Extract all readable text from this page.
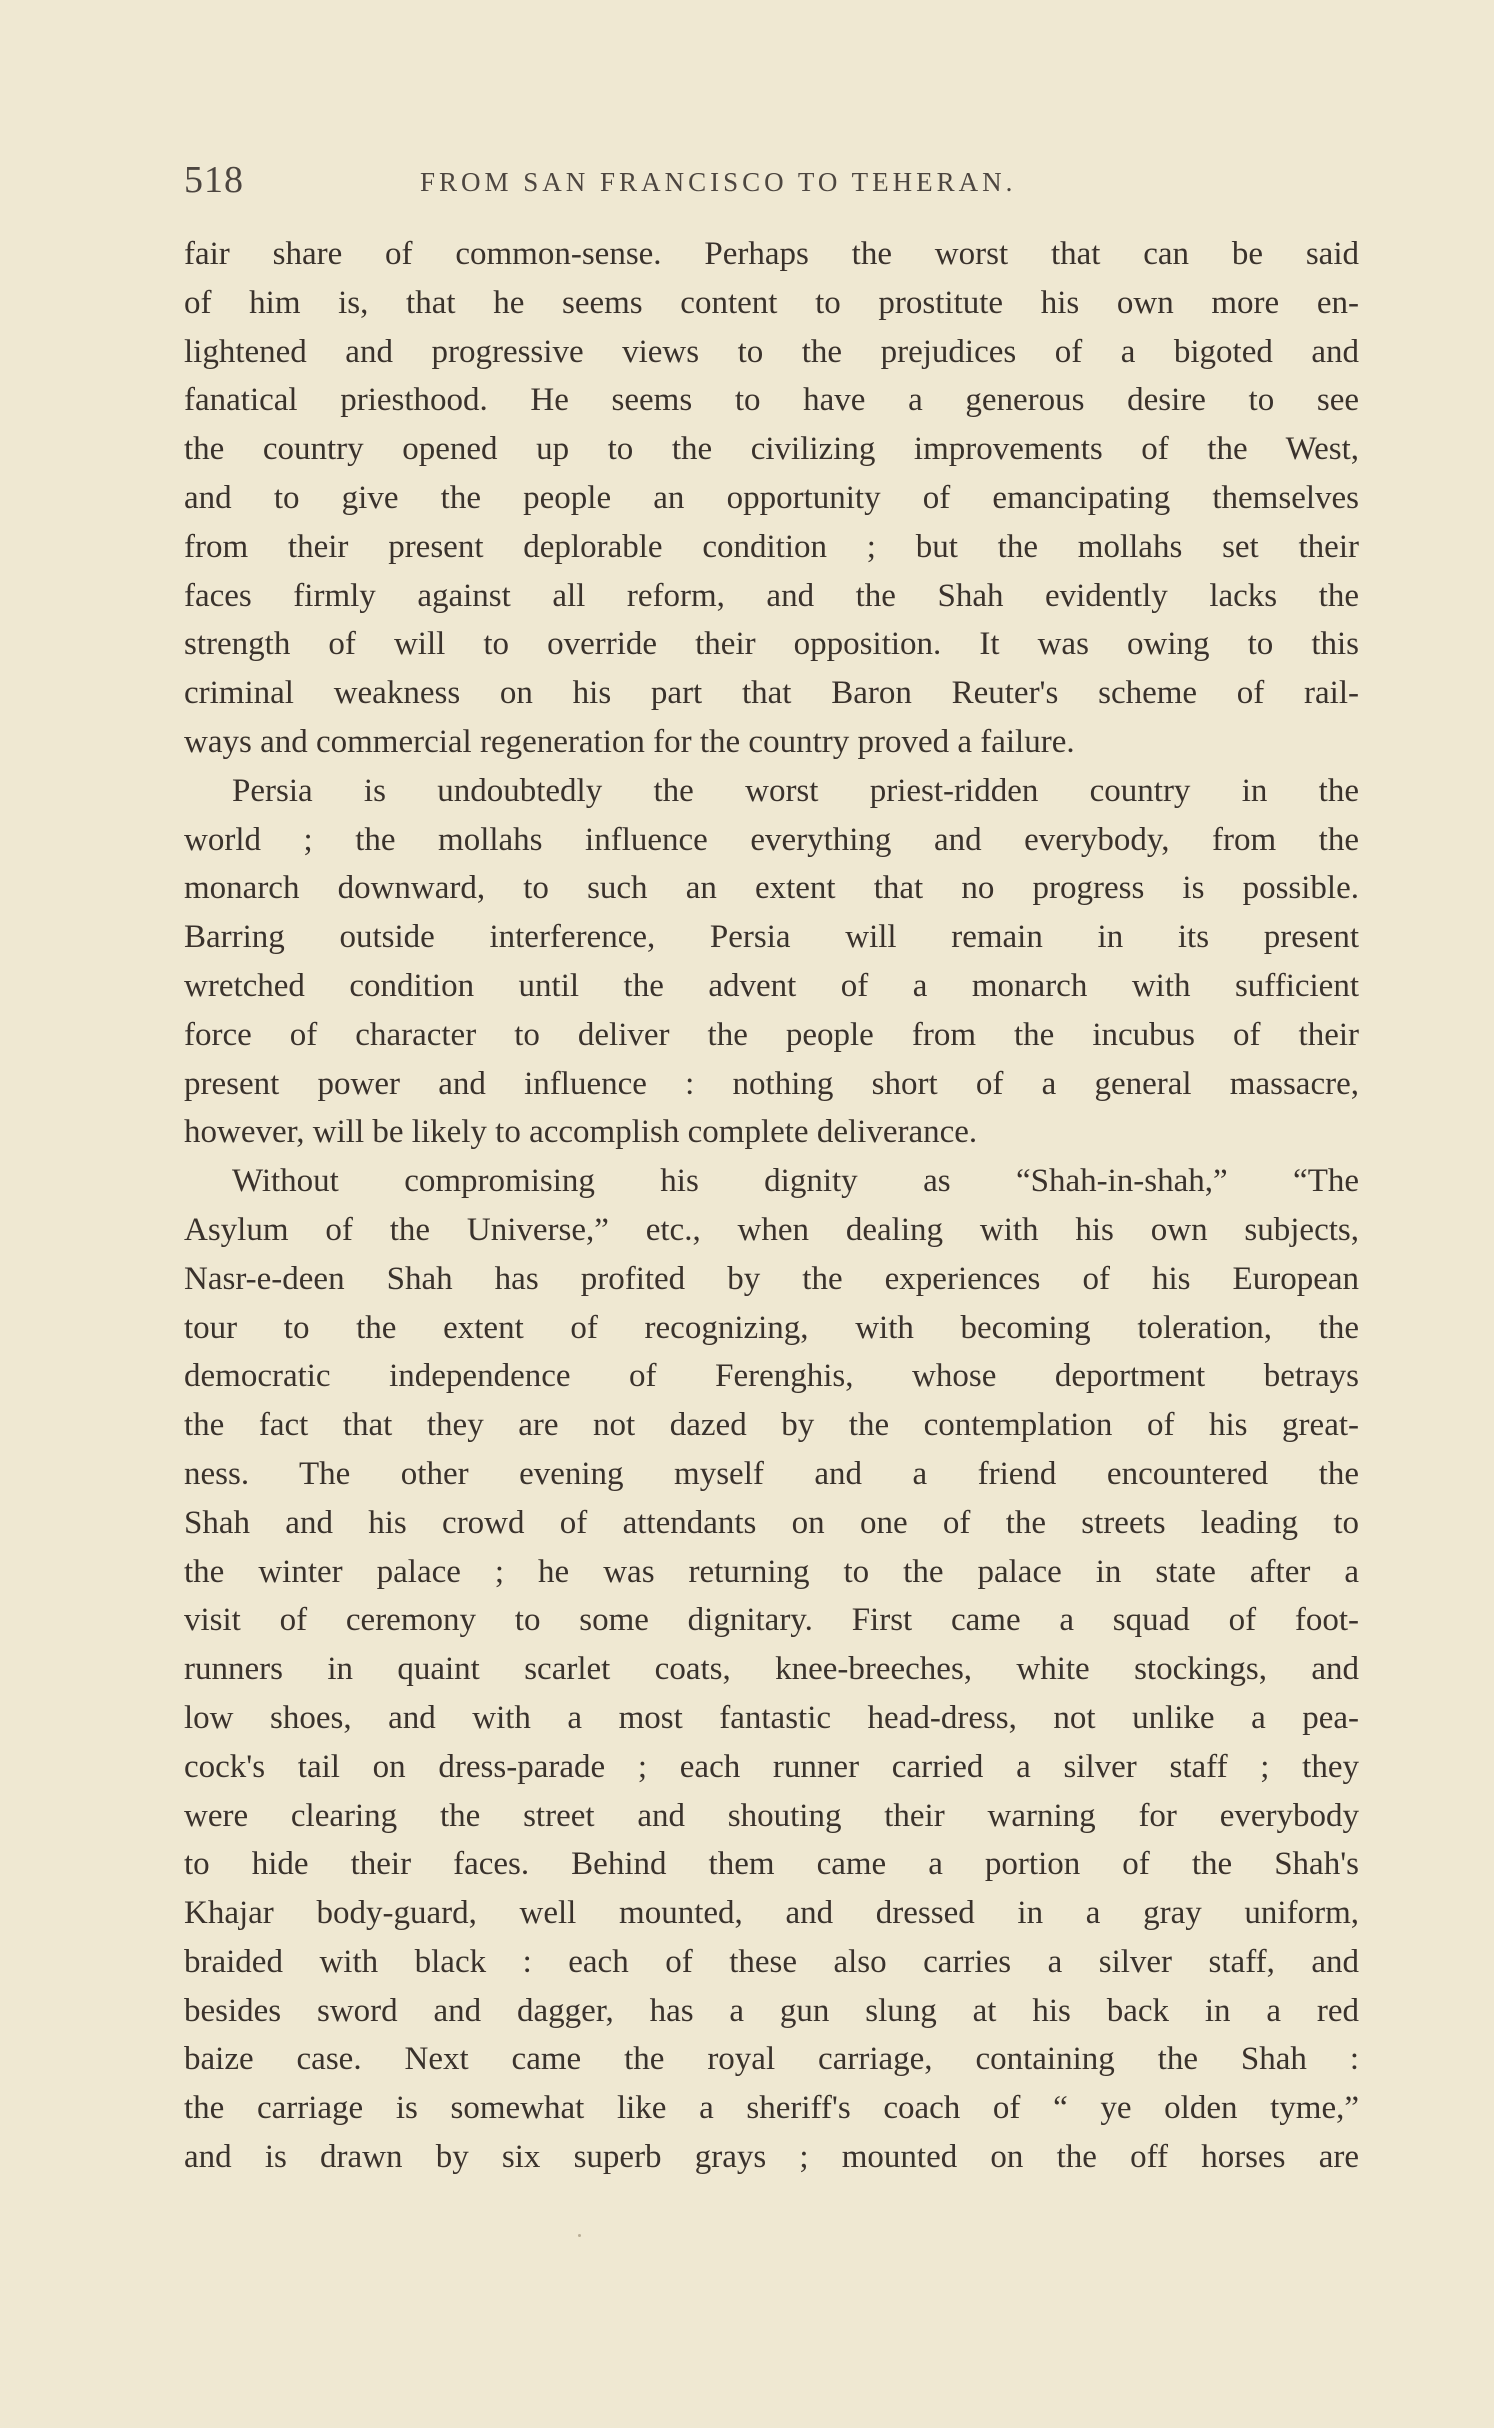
518	FROM SAN FRANCISCO TO TEHERAN.
fair share of common-sense. Perhaps the worst that can be said
of him is, that he seems content to prostitute his own more en-
lightened and progressive views to the prejudices of a bigoted and
fanatical priesthood. He seems to have a generous desire to see
the country opened up to the civilizing improvements of the West,
and to give the people an opportunity of emancipating themselves
from their present deplorable condition ; but the mollahs set their
faces firmly against all reform, and the Shah evidently lacks the
strength of will to override their opposition. It was owing to this
criminal weakness on his part that Baron Reuter's scheme of rail-
ways and commercial regeneration for the country proved a failure.
Persia is undoubtedly the worst priest-ridden country in the
world ; the mollahs influence everything and everybody, from the
monarch downward, to such an extent that no progress is possible.
Barring outside interference, Persia will remain in its present
wretched condition until the advent of a monarch with sufficient
force of character to deliver the people from the incubus of their
present power and influence : nothing short of a general massacre,
however, will be likely to accomplish complete deliverance.
Without compromising his dignity as “Shah-in-shah,” “The
Asylum of the Universe,” etc., when dealing with his own subjects,
Nasr-e-deen Shah has profited by the experiences of his European
tour to the extent of recognizing, with becoming toleration, the
democratic independence of Ferenghis, whose deportment betrays
the fact that they are not dazed by the contemplation of his great-
ness. The other evening myself and a friend encountered the
Shah and his crowd of attendants on one of the streets leading to
the winter palace ; he was returning to the palace in state after a
visit of ceremony to some dignitary. First came a squad of foot-
runners in quaint scarlet coats, knee-breeches, white stockings, and
low shoes, and with a most fantastic head-dress, not unlike a pea-
cock's tail on dress-parade ; each runner carried a silver staff ; they
were clearing the street and shouting their warning for everybody
to hide their faces. Behind them came a portion of the Shah's
Khajar body-guard, well mounted, and dressed in a gray uniform,
braided with black : each of these also carries a silver staff, and
besides sword and dagger, has a gun slung at his back in a red
baize case. Next came the royal carriage, containing the Shah :
the carriage is somewhat like a sheriff's coach of “ ye olden tyme,”
and is drawn by six superb grays ; mounted on the off horses are
